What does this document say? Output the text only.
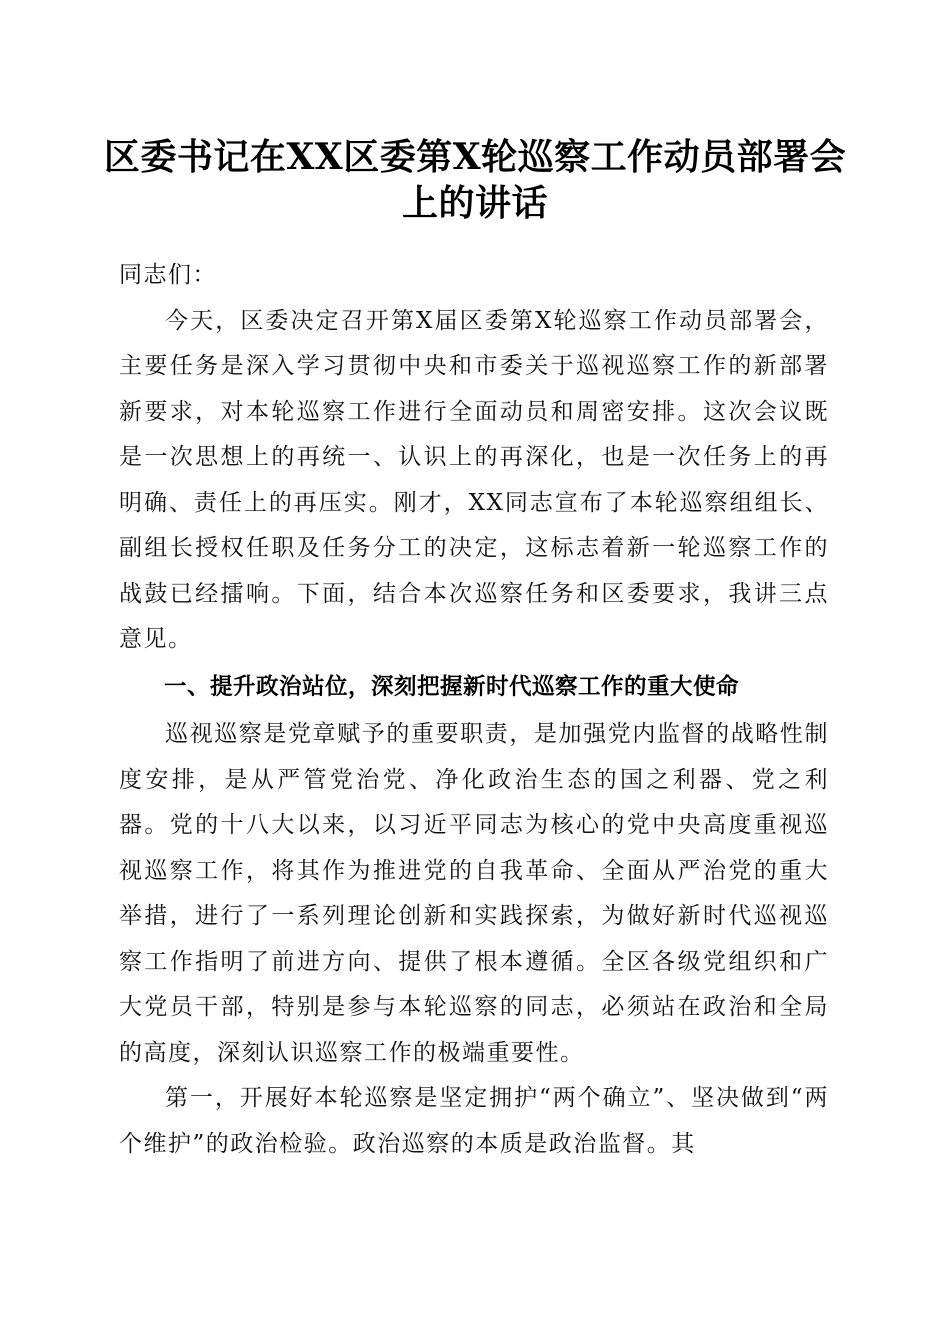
区委书记在XX区委第X轮巡察工作动员部署会上的讲话

同志们：

今天，区委决定召开第X届区委第X轮巡察工作动员部署会，主要任务是深入学习贯彻中央和市委关于巡视巡察工作的新部署新要求，对本轮巡察工作进行全面动员和周密安排。这次会议既是一次思想上的再统一、认识上的再深化，也是一次任务上的再明确、责任上的再压实。刚才，XX同志宣布了本轮巡察组组长、副组长授权任职及任务分工的决定，这标志着新一轮巡察工作的战鼓已经擂响。下面，结合本次巡察任务和区委要求，我讲三点意见。

一、提升政治站位，深刻把握新时代巡察工作的重大使命

巡视巡察是党章赋予的重要职责，是加强党内监督的战略性制度安排，是从严管党治党、净化政治生态的国之利器、党之利器。党的十八大以来，以习近平同志为核心的党中央高度重视巡视巡察工作，将其作为推进党的自我革命、全面从严治党的重大举措，进行了一系列理论创新和实践探索，为做好新时代巡视巡察工作指明了前进方向、提供了根本遵循。全区各级党组织和广大党员干部，特别是参与本轮巡察的同志，必须站在政治和全局的高度，深刻认识巡察工作的极端重要性。

第一，开展好本轮巡察是坚定拥护“两个确立”、坚决做到“两个维护”的政治检验。政治巡察的本质是政治监督。其
